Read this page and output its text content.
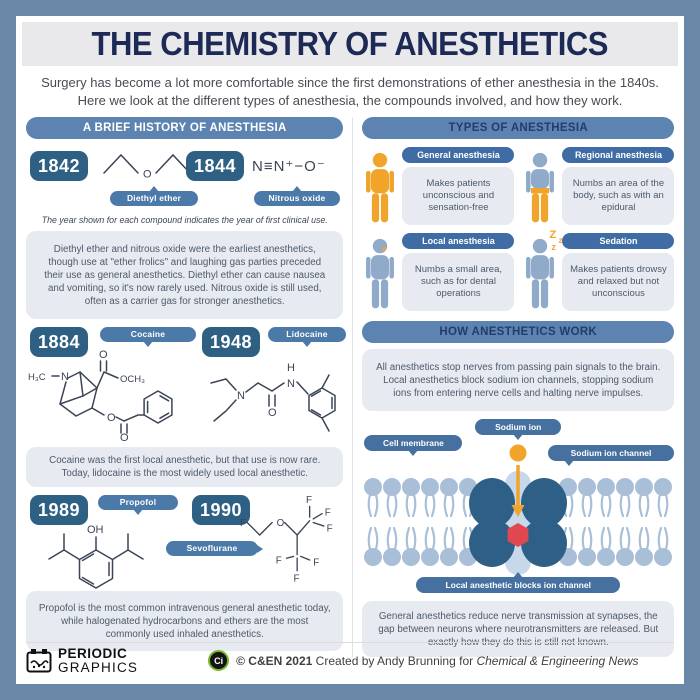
THE CHEMISTRY OF ANESTHETICS
Surgery has become a lot more comfortable since the first demonstrations of ether anesthesia in the 1840s. Here we look at the different types of anesthesia, the compounds involved, and how they work.
A BRIEF HISTORY OF ANESTHESIA
1842	O
Diethyl ether
1844	N≡N⁺−O⁻
Nitrous oxide
The year shown for each compound indicates the year of first clinical use.
Diethyl ether and nitrous oxide were the earliest anesthetics, though use at "ether frolics" and laughing gas parties preceded their use as general anesthetics. Diethyl ether can cause nausea and vomiting, so it's now rarely used. Nitrous oxide is still used, often as a carrier gas for stronger anesthetics.
1884	Cocaine
H₃C N
O
OCH₃
O
O
1948	Lidocaine
N
O
N
H
Cocaine was the first local anesthetic, but that use is now rare. Today, lidocaine is the most widely used local anesthetic.
1989	Propofol
OH
1990
F	O
F
F
F
F
F
F
Sevoflurane
Propofol is the most common intravenous general anesthetic today, while halogenated hydrocarbons and ethers are the most commonly used inhaled anesthetics.
TYPES OF ANESTHESIA
General anesthesia
Makes patients unconscious and sensation-free
Regional anesthesia
Numbs an area of the body, such as with an epidural
Local anesthesia
Numbs a small area, such as for dental operations
Z z
z
Sedation
Makes patients drowsy and relaxed but not unconscious
HOW ANESTHETICS WORK
All anesthetics stop nerves from passing pain signals to the brain. Local anesthetics block sodium ion channels, stopping sodium ions from entering nerve cells and halting nerve impulses.
Sodium ion
Cell membrane
Sodium ion channel
Local anesthetic blocks ion channel
General anesthetics reduce nerve transmission at synapses, the gap between neurons where neurotransmitters are released. But exactly how they do this is still not known.
PERIODIC
GRAPHICS	Ci	© C&EN 2021 Created by Andy Brunning for Chemical & Engineering News
